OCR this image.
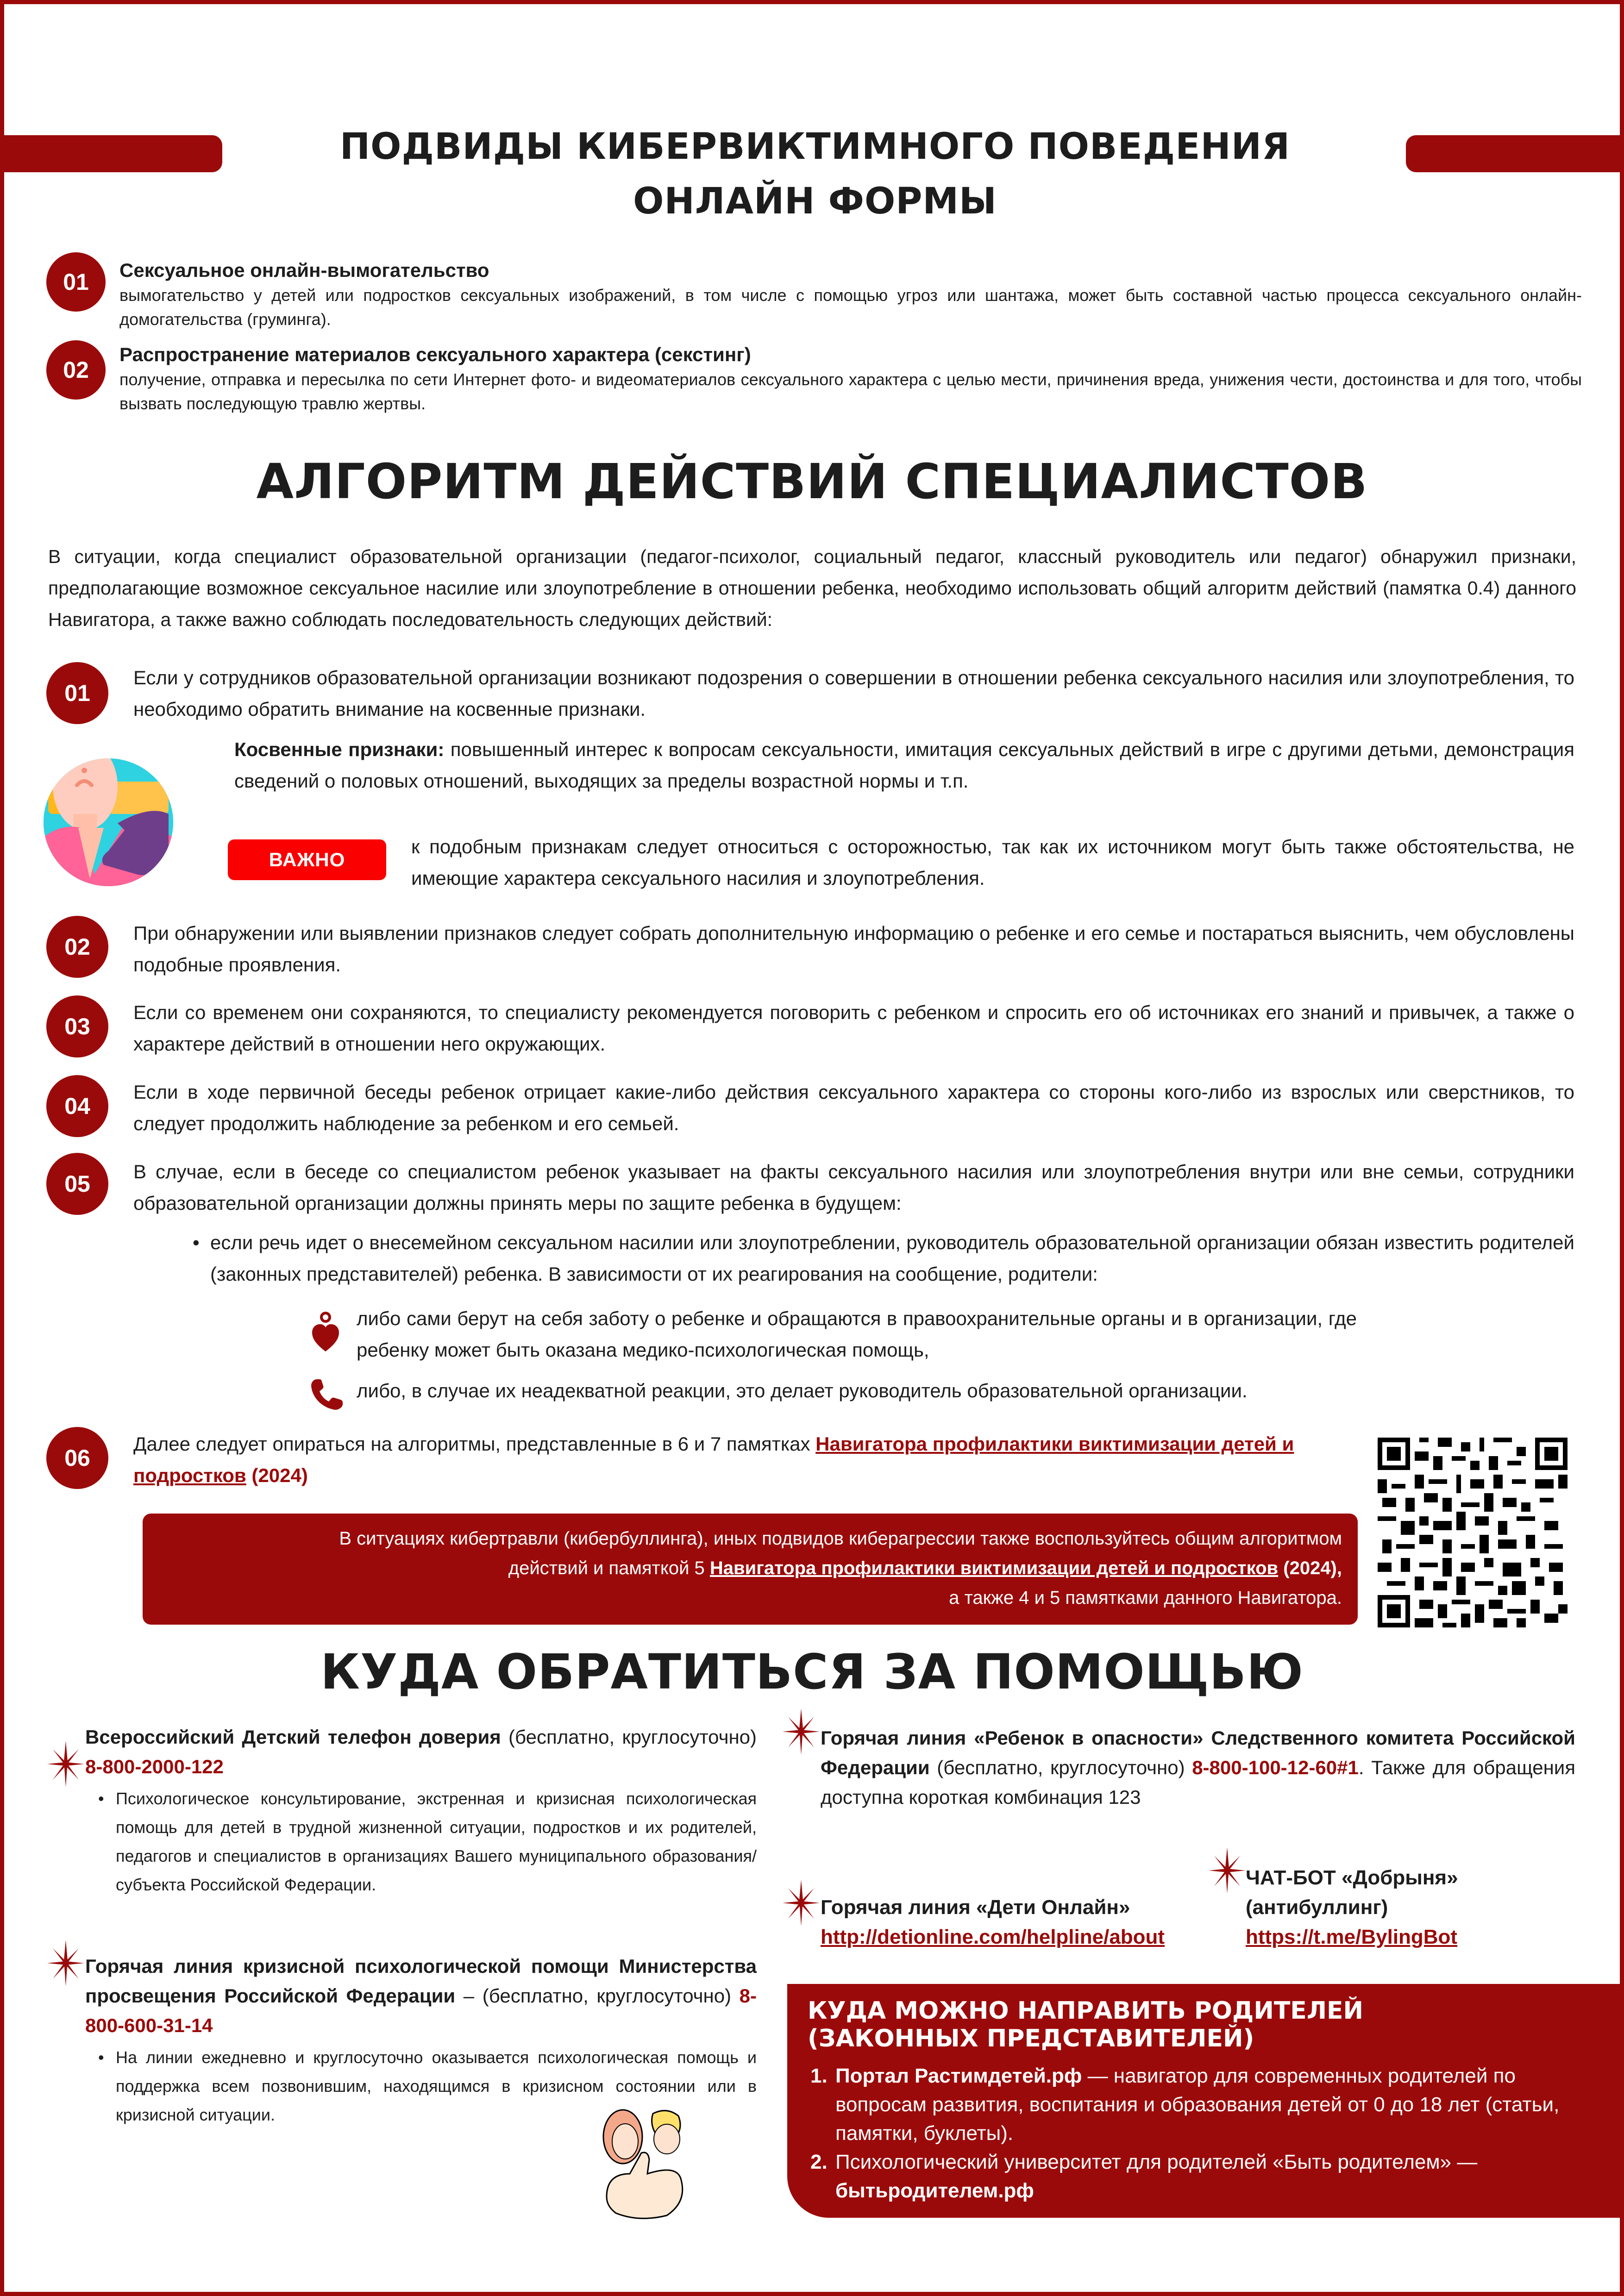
ПОДВИДЫ КИБЕРВИКТИМНОГО ПОВЕДЕНИЯ
ОНЛАЙН ФОРМЫ
01	Сексуальное онлайн-вымогательство
вымогательство у детей или подростков сексуальных изображений, в том числе с помощью угроз или шантажа, может быть составной частью процесса сексуального онлайн-домогательства (груминга).
02
Распространение материалов сексуального характера (секстинг)
получение, отправка и пересылка по сети Интернет фото- и видеоматериалов сексуального характера с целью мести, причинения вреда, унижения чести, достоинства и для того, чтобы вызвать последующую травлю жертвы.
АЛГОРИТМ ДЕЙСТВИЙ СПЕЦИАЛИСТОВ
В ситуации, когда специалист образовательной организации (педагог-психолог, социальный педагог, классный руководитель или педагог) обнаружил признаки, предполагающие возможное сексуальное насилие или злоупотребление в отношении ребенка, необходимо использовать общий алгоритм действий (памятка 0.4) данного Навигатора, а также важно соблюдать последовательность следующих действий:
01
Если у сотрудников образовательной организации возникают подозрения о совершении в отношении ребенка сексуального насилия или злоупотребления, то необходимо обратить внимание на косвенные признаки.
Косвенные признаки: повышенный интерес к вопросам сексуальности, имитация сексуальных действий в игре с другими детьми, демонстрация сведений о половых отношений, выходящих за пределы возрастной нормы и т.п.
ВАЖНО
к подобным признакам следует относиться с осторожностью, так как их источником могут быть также обстоятельства, не имеющие характера сексуального насилия и злоупотребления.
02
При обнаружении или выявлении признаков следует собрать дополнительную информацию о ребенке и его семье и постараться выяснить, чем обусловлены подобные проявления.
03
Если со временем они сохраняются, то специалисту рекомендуется поговорить с ребенком и спросить его об источниках его знаний и привычек, а также о характере действий в отношении него окружающих.
04
Если в ходе первичной беседы ребенок отрицает какие-либо действия сексуального характера со стороны кого-либо из взрослых или сверстников, то следует продолжить наблюдение за ребенком и его семьей.
05	В случае, если в беседе со специалистом ребенок указывает на факты сексуального насилия или злоупотребления внутри или вне семьи, сотрудники образовательной организации должны принять меры по защите ребенка в будущем:
• если речь идет о внесемейном сексуальном насилии или злоупотреблении, руководитель образовательной организации обязан известить родителей (законных представителей) ребенка. В зависимости от их реагирования на сообщение, родители:
либо сами берут на себя заботу о ребенке и обращаются в правоохранительные органы и в организации, где ребенку может быть оказана медико-психологическая помощь,
либо, в случае их неадекватной реакции, это делает руководитель образовательной организации.
06
Далее следует опираться на алгоритмы, представленные в 6 и 7 памятках Навигатора профилактики виктимизации детей и подростков (2024)
В ситуациях кибертравли (кибербуллинга), иных подвидов киберагрессии также воспользуйтесь общим алгоритмом
действий и памяткой 5 Навигатора профилактики виктимизации детей и подростков (2024),
а также 4 и 5 памятками данного Навигатора.
КУДА ОБРАТИТЬСЯ ЗА ПОМОЩЬЮ
Всероссийский Детский телефон доверия (бесплатно, круглосуточно) 8-800-2000-122
• Психологическое консультирование, экстренная и кризисная психологическая помощь для детей в трудной жизненной ситуации, подростков и их родителей, педагогов и специалистов в организациях Вашего муниципального образования/субъекта Российской Федерации.
Горячая линия кризисной психологической помощи Министерства просвещения Российской Федерации – (бесплатно, круглосуточно) 8-800-600-31-14
• На линии ежедневно и круглосуточно оказывается психологическая помощь и поддержка всем позвонившим, находящимся в кризисном состоянии или в кризисной ситуации.
Горячая линия «Ребенок в опасности» Следственного комитета Российской Федерации (бесплатно, круглосуточно) 8-800-100-12-60#1. Также для обращения доступна короткая комбинация 123
Горячая линия «Дети Онлайн»
http://detionline.com/helpline/about
ЧАТ-БОТ «Добрыня» (антибуллинг)
https://t.me/BylingBot
КУДА МОЖНО НАПРАВИТЬ РОДИТЕЛЕЙ
(ЗАКОННЫХ ПРЕДСТАВИТЕЛЕЙ)
1. Портал Растимдетей.рф — навигатор для современных родителей по вопросам развития, воспитания и образования детей от 0 до 18 лет (статьи, памятки, буклеты).
2. Психологический университет для родителей «Быть родителем» — бытьродителем.рф
